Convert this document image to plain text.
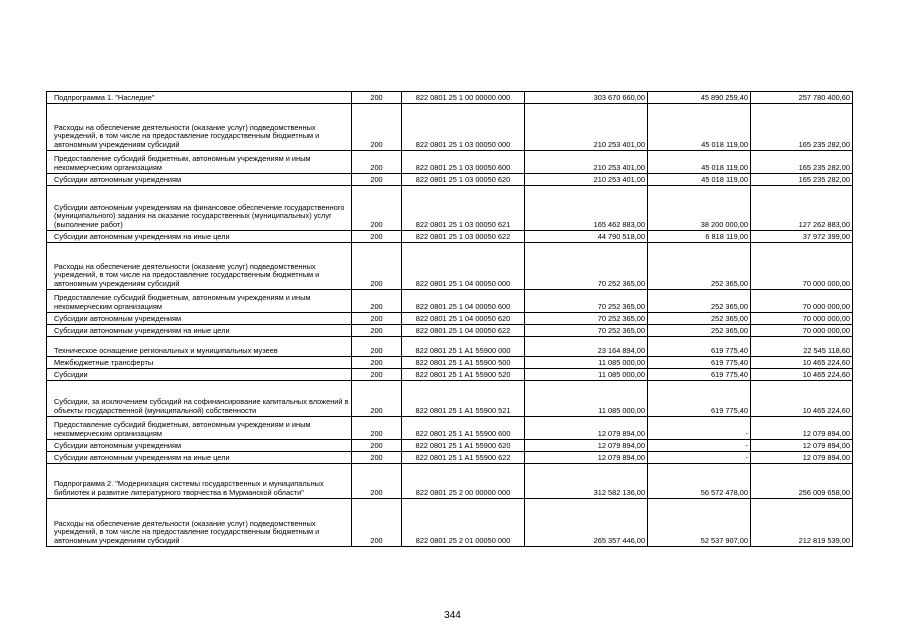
Подпрограмма 1. "Наследие"	200	822 0801 25 1 00 00000 000	303 670 660,00	45 890 259,40	257 780 400,60

Расходы на обеспечение деятельности (оказание услуг) подведомственных учреждений, в том числе на предоставление государственным бюджетным и автономным учреждениям субсидий	200	822 0801 25 1 03 00050 000	210 253 401,00	45 018 119,00	165 235 282,00

Предоставление субсидий бюджетным, автономным учреждениям и иным некоммерческим организациям	200	822 0801 25 1 03 00050 600	210 253 401,00	45 018 119,00	165 235 282,00

Субсидии автономным учреждениям	200	822 0801 25 1 03 00050 620	210 253 401,00	45 018 119,00	165 235 282,00

Субсидии автономным учреждениям на финансовое обеспечение государственного (муниципального) задания на оказание государственных (муниципальных) услуг (выполнение работ)	200	822 0801 25 1 03 00050 621	165 462 883,00	38 200 000,00	127 262 883,00

Субсидии автономным учреждениям на иные цели	200	822 0801 25 1 03 00050 622	44 790 518,00	6 818 119,00	37 972 399,00

Расходы на обеспечение деятельности (оказание услуг) подведомственных учреждений, в том числе на предоставление государственным бюджетным и автономным учреждениям субсидий	200	822 0801 25 1 04 00050 000	70 252 365,00	252 365,00	70 000 000,00

Предоставление субсидий бюджетным, автономным учреждениям и иным некоммерческим организациям	200	822 0801 25 1 04 00050 600	70 252 365,00	252 365,00	70 000 000,00

Субсидии автономным учреждениям	200	822 0801 25 1 04 00050 620	70 252 365,00	252 365,00	70 000 000,00

Субсидии автономным учреждениям на иные цели	200	822 0801 25 1 04 00050 622	70 252 365,00	252 365,00	70 000 000,00

Техническое оснащение региональных и муниципальных музеев	200	822 0801 25 1 A1 55900 000	23 164 894,00	619 775,40	22 545 118,60

Межбюджетные трансферты	200	822 0801 25 1 A1 55900 500	11 085 000,00	619 775,40	10 465 224,60

Субсидии	200	822 0801 25 1 A1 55900 520	11 085 000,00	619 775,40	10 465 224,60

Субсидии, за исключением субсидий на софинансирование капитальных вложений в объекты государственной (муниципальной) собственности	200	822 0801 25 1 A1 55900 521	11 085 000,00	619 775,40	10 465 224,60

Предоставление субсидий бюджетным, автономным учреждениям и иным некоммерческим организациям	200	822 0801 25 1 A1 55900 600	12 079 894,00	-	12 079 894,00

Субсидии автономным учреждениям	200	822 0801 25 1 A1 55900 620	12 079 894,00	-	12 079 894,00

Субсидии автономным учреждениям на иные цели	200	822 0801 25 1 A1 55900 622	12 079 894,00	-	12 079 894,00

Подпрограмма 2. "Модернизация системы государственных и муниципальных библиотек и развитие литературного творчества в Мурманской области"	200	822 0801 25 2 00 00000 000	312 582 136,00	56 572 478,00	256 009 658,00

Расходы на обеспечение деятельности (оказание услуг) подведомственных учреждений, в том числе на предоставление государственным бюджетным и автономным учреждениям субсидий	200	822 0801 25 2 01 00050 000	265 357 446,00	52 537 907,00	212 819 539,00
344
